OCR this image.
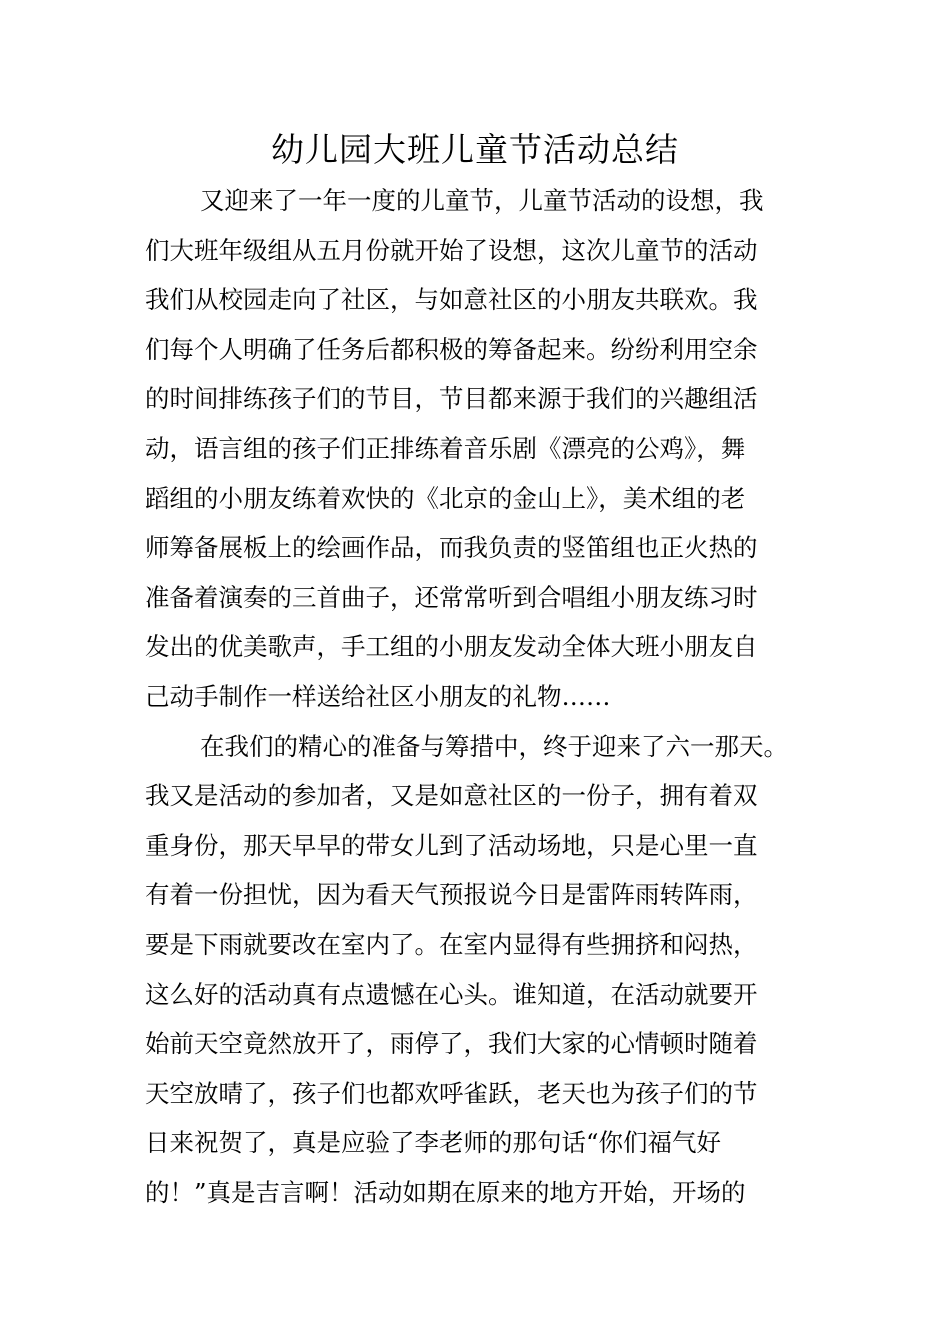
幼儿园大班儿童节活动总结
又迎来了一年一度的儿童节，儿童节活动的设想，我
们大班年级组从五月份就开始了设想，这次儿童节的活动
我们从校园走向了社区，与如意社区的小朋友共联欢。我
们每个人明确了任务后都积极的筹备起来。纷纷利用空余
的时间排练孩子们的节目，节目都来源于我们的兴趣组活
动，语言组的孩子们正排练着音乐剧《漂亮的公鸡》，舞
蹈组的小朋友练着欢快的《北京的金山上》，美术组的老
师筹备展板上的绘画作品，而我负责的竖笛组也正火热的
准备着演奏的三首曲子，还常常听到合唱组小朋友练习时
发出的优美歌声，手工组的小朋友发动全体大班小朋友自
己动手制作一样送给社区小朋友的礼物……
在我们的精心的准备与筹措中，终于迎来了六一那天。
我又是活动的参加者，又是如意社区的一份子，拥有着双
重身份，那天早早的带女儿到了活动场地，只是心里一直
有着一份担忧，因为看天气预报说今日是雷阵雨转阵雨，
要是下雨就要改在室内了。在室内显得有些拥挤和闷热，
这么好的活动真有点遗憾在心头。谁知道，在活动就要开
始前天空竟然放开了，雨停了，我们大家的心情顿时随着
天空放晴了，孩子们也都欢呼雀跃，老天也为孩子们的节
日来祝贺了，真是应验了李老师的那句话“你们福气好
的！”真是吉言啊！活动如期在原来的地方开始，开场的
